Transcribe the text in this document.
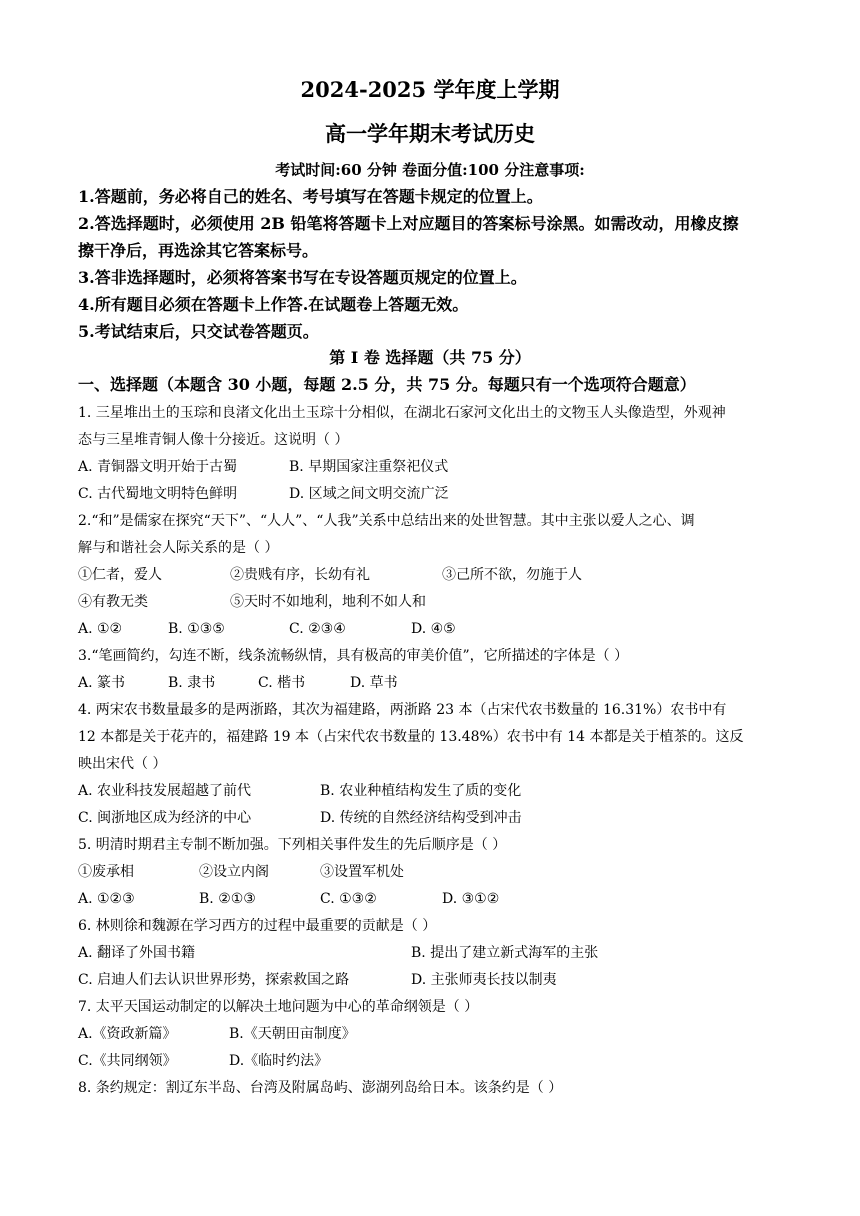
2024-2025 学年度上学期
高一学年期末考试历史
考试时间:60 分钟 卷面分值:100 分注意事项:
1.答题前，务必将自己的姓名、考号填写在答题卡规定的位置上。
2.答选择题时，必须使用 2B 铅笔将答题卡上对应题目的答案标号涂黑。如需改动，用橡皮擦
擦干净后，再选涂其它答案标号。
3.答非选择题时，必须将答案书写在专设答题页规定的位置上。
4.所有题目必须在答题卡上作答.在试题卷上答题无效。
5.考试结束后，只交试卷答题页。
第 I 卷 选择题（共 75 分）
一、选择题（本题含 30 小题，每题 2.5 分，共 75 分。每题只有一个选项符合题意）
1. 三星堆出土的玉琮和良渚文化出土玉琮十分相似，在湖北石家河文化出土的文物玉人头像造型，外观神
态与三星堆青铜人像十分接近。这说明（ ）
A. 青铜器文明开始于古蜀	B. 早期国家注重祭祀仪式
C. 古代蜀地文明特色鲜明	D. 区域之间文明交流广泛
2.“和”是儒家在探究“天下”、“人人”、“人我”关系中总结出来的处世智慧。其中主张以爱人之心、调
解与和谐社会人际关系的是（ ）
①仁者，爱人	②贵贱有序，长幼有礼	③己所不欲，勿施于人
④有教无类	⑤天时不如地利，地利不如人和
A. ①②	B. ①③⑤	C. ②③④	D. ④⑤
3.“笔画简约，勾连不断，线条流畅纵情，具有极高的审美价值”，它所描述的字体是（ ）
A. 篆书	B. 隶书	C. 楷书	D. 草书
4. 两宋农书数量最多的是两浙路，其次为福建路，两浙路 23 本（占宋代农书数量的 16.31%）农书中有
12 本都是关于花卉的，福建路 19 本（占宋代农书数量的 13.48%）农书中有 14 本都是关于植茶的。这反
映出宋代（ ）
A. 农业科技发展超越了前代	B. 农业种植结构发生了质的变化
C. 闽浙地区成为经济的中心	D. 传统的自然经济结构受到冲击
5. 明清时期君主专制不断加强。下列相关事件发生的先后顺序是（ ）
①废承相	②设立内阁	③设置军机处
A. ①②③	B. ②①③	C. ①③②	D. ③①②
6. 林则徐和魏源在学习西方的过程中最重要的贡献是（ ）
A. 翻译了外国书籍	B. 提出了建立新式海军的主张
C. 启迪人们去认识世界形势，探索救国之路	D. 主张师夷长技以制夷
7. 太平天国运动制定的以解决土地问题为中心的革命纲领是（ ）
A.《资政新篇》	B.《天朝田亩制度》
C.《共同纲领》	D.《临时约法》
8. 条约规定：割辽东半岛、台湾及附属岛屿、澎湖列岛给日本。该条约是（ ）
